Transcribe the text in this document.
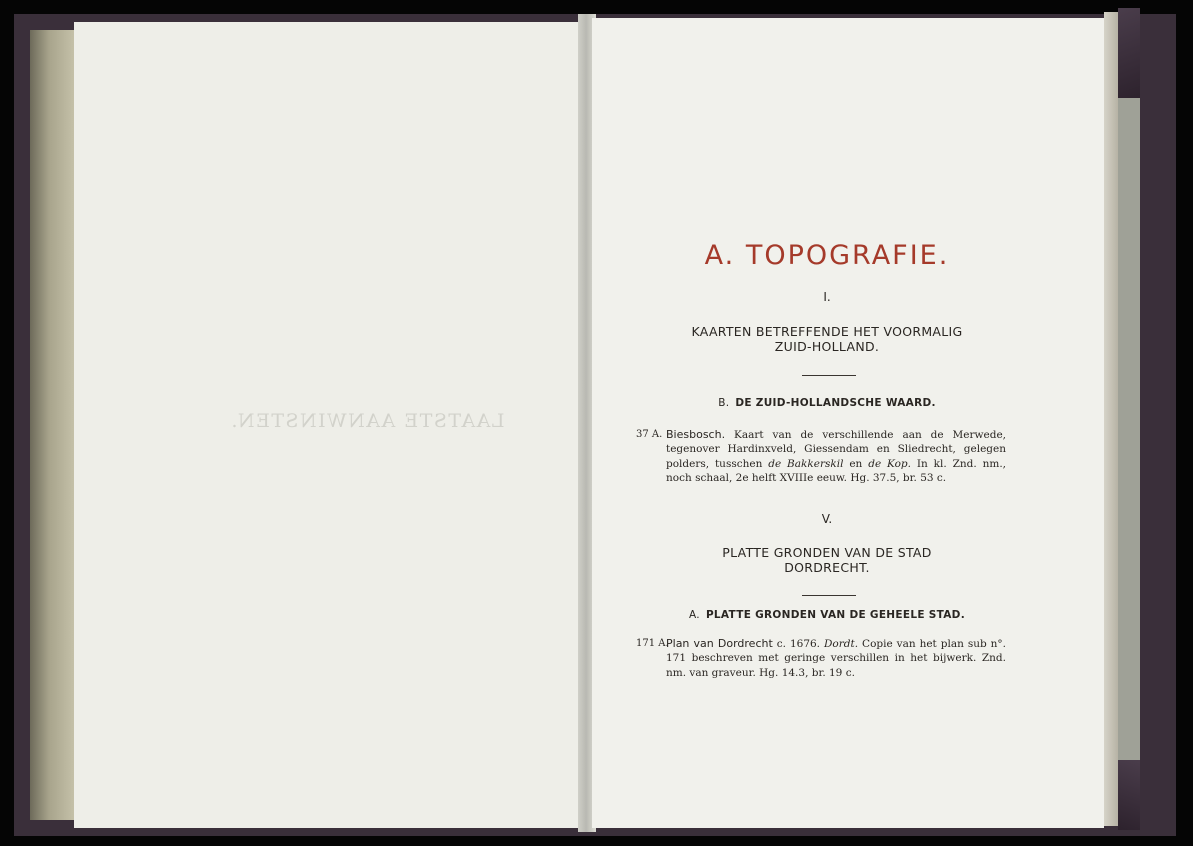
LAATSTE AANWINSTEN.
A. TOPOGRAFIE.
I.
KAARTEN BETREFFENDE HET VOORMALIG
ZUID-HOLLAND.
B. DE ZUID-HOLLANDSCHE WAARD.
37 A. Biesbosch. Kaart van de verschillende aan de Merwede, tegenover Hardinxveld, Giessendam en Sliedrecht, gelegen polders, tusschen de Bakkerskil en de Kop. In kl. Znd. nm., noch schaal, 2e helft XVIIIe eeuw. Hg. 37.5, br. 53 c.
V.
PLATTE GRONDEN VAN DE STAD
DORDRECHT.
A. PLATTE GRONDEN VAN DE GEHEELE STAD.
171 A.
Plan van Dordrecht c. 1676. Dordt. Copie van het plan sub n°. 171 beschreven met geringe verschillen in het bijwerk. Znd. nm. van graveur. Hg. 14.3, br. 19 c.
